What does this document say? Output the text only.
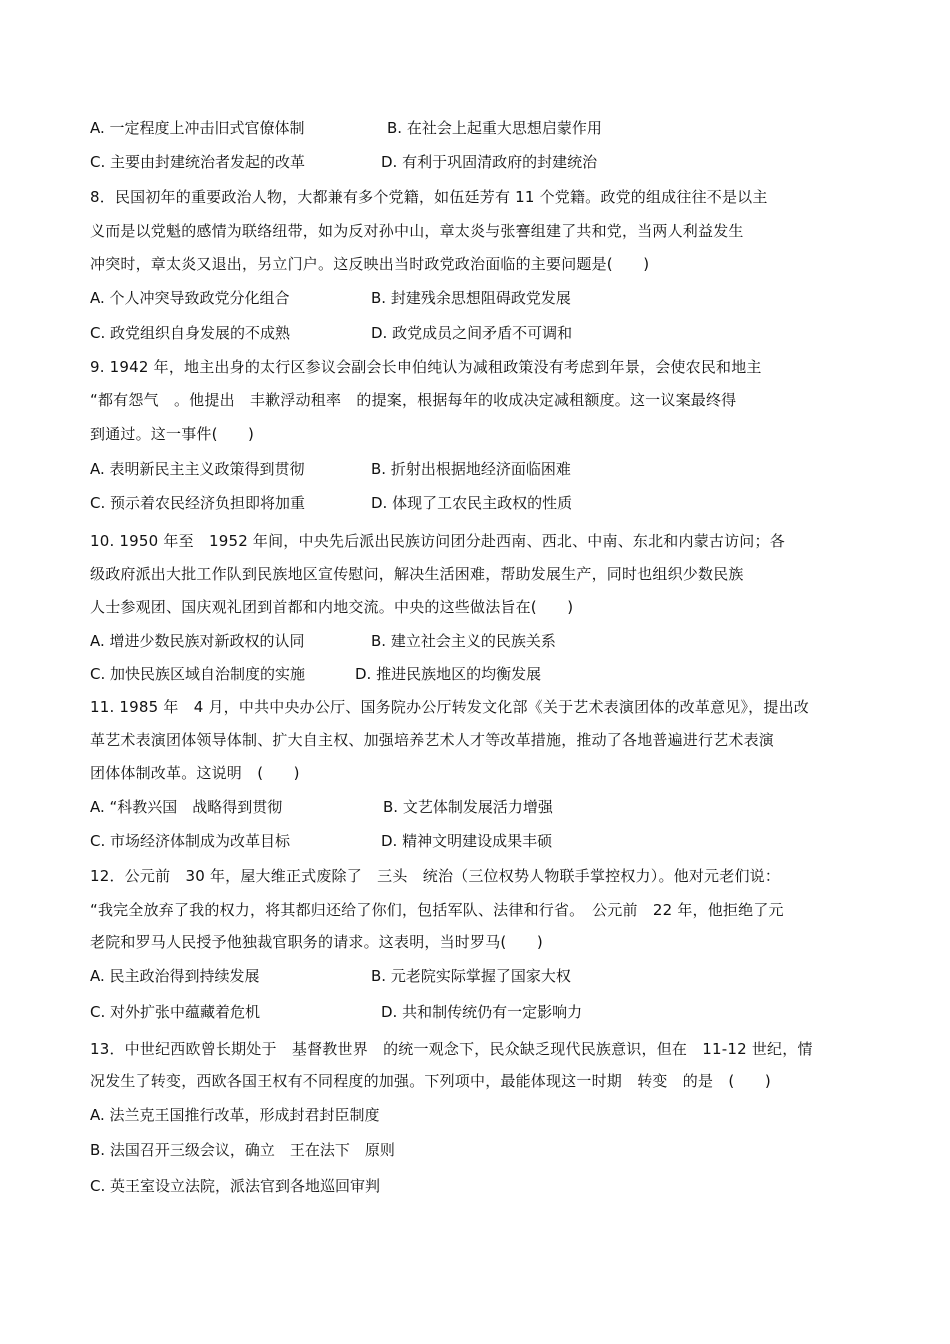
A. 一定程度上冲击旧式官僚体制	B. 在社会上起重大思想启蒙作用
C. 主要由封建统治者发起的改革	D. 有利于巩固清政府的封建统治
8．民国初年的重要政治人物，大都兼有多个党籍，如伍廷芳有 11 个党籍。政党的组成往往不是以主
义而是以党魁的感情为联络纽带，如为反对孙中山，章太炎与张謇组建了共和党，当两人利益发生
冲突时，章太炎又退出，另立门户。这反映出当时政党政治面临的主要问题是(　　)
A. 个人冲突导致政党分化组合	B. 封建残余思想阻碍政党发展
C. 政党组织自身发展的不成熟	D. 政党成员之间矛盾不可调和
9. 1942 年，地主出身的太行区参议会副会长申伯纯认为减租政策没有考虑到年景，会使农民和地主
“都有怨气　。他提出　丰歉浮动租率　的提案，根据每年的收成决定减租额度。这一议案最终得
到通过。这一事件(　　)
A. 表明新民主主义政策得到贯彻	B. 折射出根据地经济面临困难
C. 预示着农民经济负担即将加重	D. 体现了工农民主政权的性质
10. 1950 年至　1952 年间，中央先后派出民族访问团分赴西南、西北、中南、东北和内蒙古访问；各
级政府派出大批工作队到民族地区宣传慰问，解决生活困难，帮助发展生产，同时也组织少数民族
人士参观团、国庆观礼团到首都和内地交流。中央的这些做法旨在(　　)
A. 增进少数民族对新政权的认同	B. 建立社会主义的民族关系
C. 加快民族区域自治制度的实施	D. 推进民族地区的均衡发展
11. 1985 年　4 月，中共中央办公厅、国务院办公厅转发文化部《关于艺术表演团体的改革意见》，提出改
革艺术表演团体领导体制、扩大自主权、加强培养艺术人才等改革措施，推动了各地普遍进行艺术表演
团体体制改革。这说明　(　　)
A. “科教兴国　战略得到贯彻	B. 文艺体制发展活力增强
C. 市场经济体制成为改革目标	D. 精神文明建设成果丰硕
12．公元前　30 年，屋大维正式废除了　三头　统治（三位权势人物联手掌控权力）。他对元老们说：
“我完全放弃了我的权力，将其都归还给了你们，包括军队、法律和行省。　公元前　22 年，他拒绝了元
老院和罗马人民授予他独裁官职务的请求。这表明，当时罗马(　　)
A. 民主政治得到持续发展	B. 元老院实际掌握了国家大权
C. 对外扩张中蕴藏着危机	D. 共和制传统仍有一定影响力
13．中世纪西欧曾长期处于　基督教世界　的统一观念下，民众缺乏现代民族意识，但在　11-12 世纪，情
况发生了转变，西欧各国王权有不同程度的加强。下列项中，最能体现这一时期　转变　的是　(　　)
A. 法兰克王国推行改革，形成封君封臣制度
B. 法国召开三级会议，确立　王在法下　原则
C. 英王室设立法院，派法官到各地巡回审判
